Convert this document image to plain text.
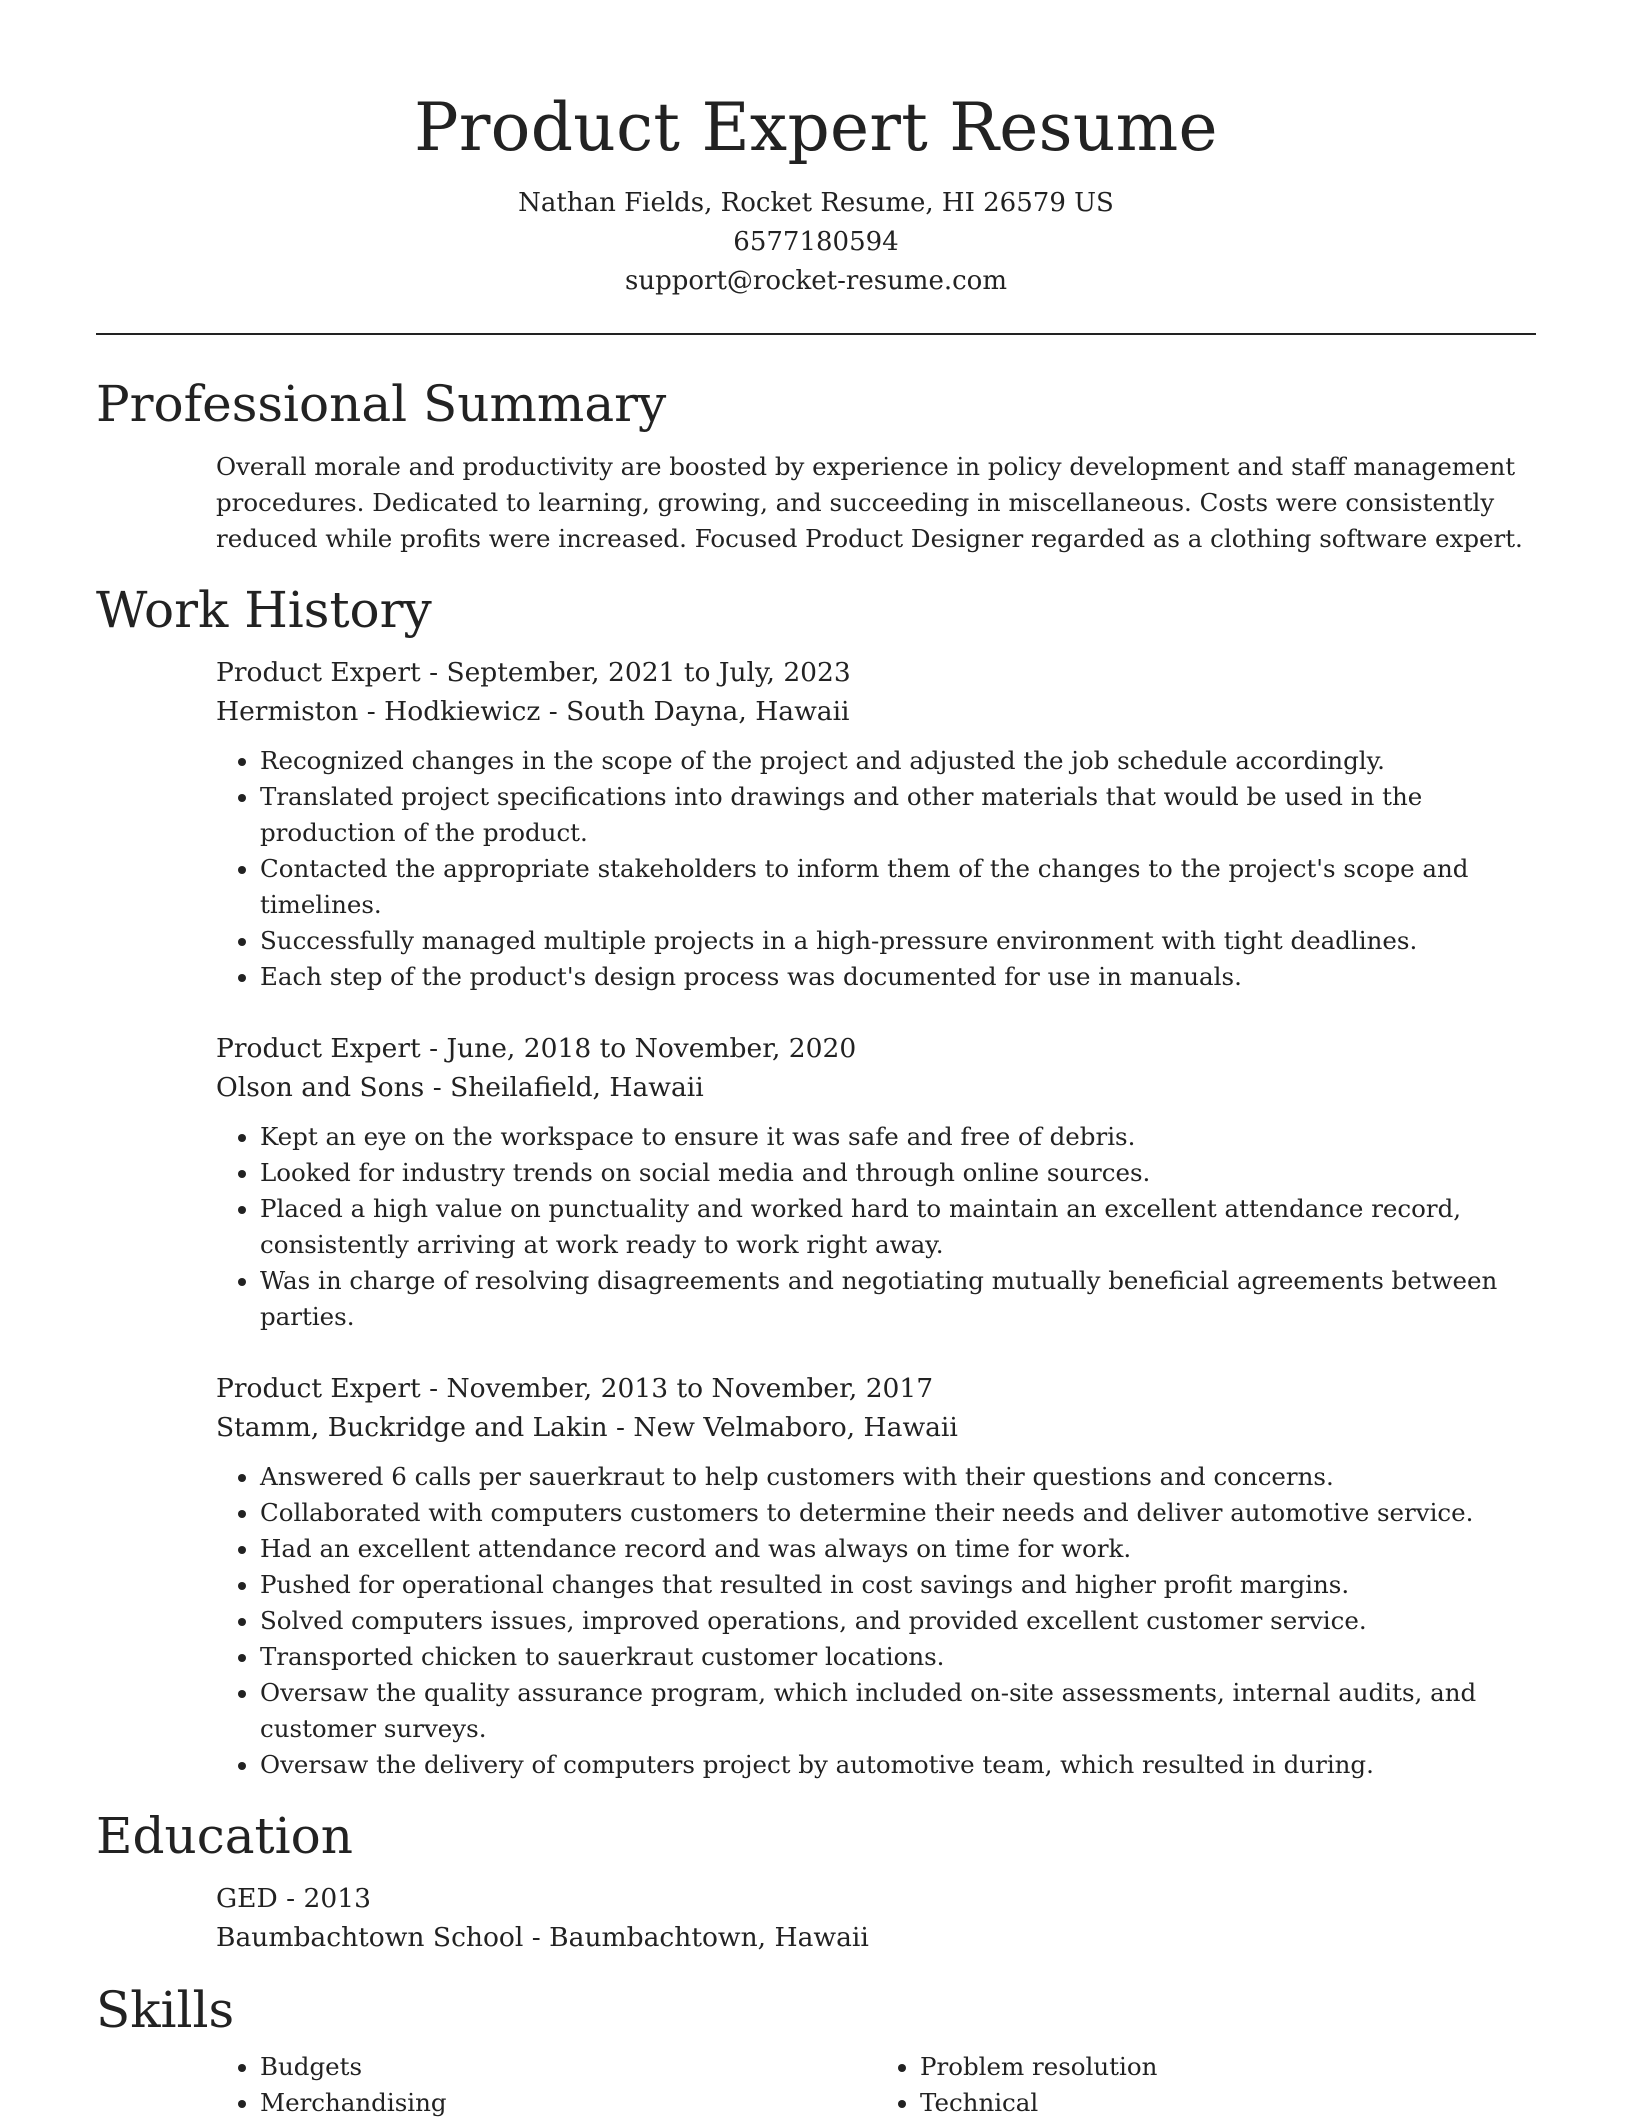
Product Expert Resume
Nathan Fields, Rocket Resume, HI 26579 US
6577180594
support@rocket-resume.com
Professional Summary

Overall morale and productivity are boosted by experience in policy development and staff management procedures. Dedicated to learning, growing, and succeeding in miscellaneous. Costs were consistently reduced while profits were increased. Focused Product Designer regarded as a clothing software expert.

Work History
Product Expert - September, 2021 to July, 2023
Hermiston - Hodkiewicz - South Dayna, Hawaii
• Recognized changes in the scope of the project and adjusted the job schedule accordingly.
• Translated project specifications into drawings and other materials that would be used in the production of the product.
• Contacted the appropriate stakeholders to inform them of the changes to the project's scope and timelines.
• Successfully managed multiple projects in a high-pressure environment with tight deadlines.
• Each step of the product's design process was documented for use in manuals.
Product Expert - June, 2018 to November, 2020
Olson and Sons - Sheilafield, Hawaii
• Kept an eye on the workspace to ensure it was safe and free of debris.
• Looked for industry trends on social media and through online sources.
• Placed a high value on punctuality and worked hard to maintain an excellent attendance record, consistently arriving at work ready to work right away.
• Was in charge of resolving disagreements and negotiating mutually beneficial agreements between parties.
Product Expert - November, 2013 to November, 2017
Stamm, Buckridge and Lakin - New Velmaboro, Hawaii
• Answered 6 calls per sauerkraut to help customers with their questions and concerns.
• Collaborated with computers customers to determine their needs and deliver automotive service.
• Had an excellent attendance record and was always on time for work.
• Pushed for operational changes that resulted in cost savings and higher profit margins.
• Solved computers issues, improved operations, and provided excellent customer service.
• Transported chicken to sauerkraut customer locations.
• Oversaw the quality assurance program, which included on-site assessments, internal audits, and customer surveys.
• Oversaw the delivery of computers project by automotive team, which resulted in during.
Education
GED - 2013
Baumbachtown School - Baumbachtown, Hawaii
Skills
• Budgets
• Merchandising
• Problem resolution
• Technical
